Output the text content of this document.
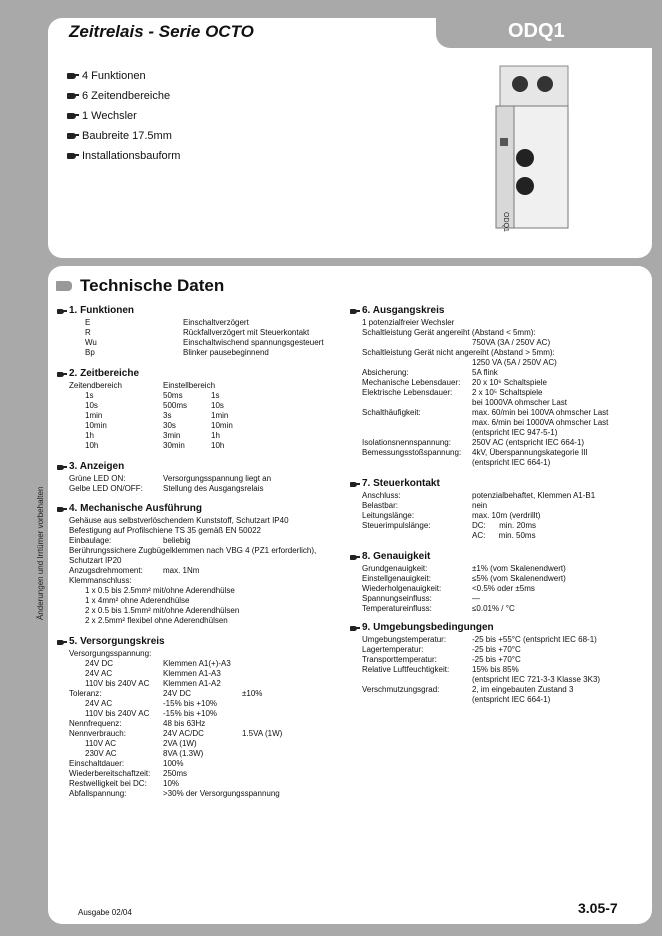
Zeitrelais - Serie OCTO	ODQ1
4 Funktionen
6 Zeitendbereiche
1 Wechsler
Baubreite 17.5mm
Installationsbauform
ODQ1
Änderungen und Irrtümer vorbehalten
Technische Daten
1. Funktionen
E	Einschaltverzögert
R	Rückfallverzögert mit Steuerkontakt
Wu	Einschaltwischend spannungsgesteuert
Bp	Blinker pausebeginnend
2. Zeitbereiche
Zeitendbereich	Einstellbereich
1s	50ms	1s
10s	500ms	10s
1min	3s	1min
10min	30s	10min
1h	3min	1h
10h	30min	10h
3. Anzeigen
Grüne LED ON:	Versorgungsspannung liegt an
Gelbe LED ON/OFF:	Stellung des Ausgangsrelais
4. Mechanische Ausführung
Gehäuse aus selbstverlöschendem Kunststoff, Schutzart IP40
Befestigung auf Profilschiene TS 35 gemäß EN 50022
Einbaulage:	beliebig
Berührungssichere Zugbügelklemmen nach VBG 4 (PZ1 erforderlich),
Schutzart IP20
Anzugsdrehmoment:	max. 1Nm
Klemmanschluss:
1 x 0.5 bis 2.5mm² mit/ohne Aderendhülse
1 x 4mm² ohne Aderendhülse
2 x 0.5 bis 1.5mm² mit/ohne Aderendhülsen
2 x 2.5mm² flexibel ohne Aderendhülsen
5. Versorgungskreis
Versorgungsspannung:
24V DC	Klemmen A1(+)-A3
24V AC	Klemmen A1-A3
110V bis 240V AC	Klemmen A1-A2
Toleranz:	24V DC	±10%
24V AC	-15% bis +10%
110V bis 240V AC	-15% bis +10%
Nennfrequenz:	48 bis 63Hz
Nennverbrauch:	24V AC/DC	1.5VA (1W)
110V AC	2VA (1W)
230V AC	8VA (1.3W)
Einschaltdauer:	100%
Wiederbereitschaftzeit:	250ms
Restwelligkeit bei DC:	10%
Abfallspannung:	>30% der Versorgungsspannung
6. Ausgangskreis
1 potenzialfreier Wechsler
Schaltleistung Gerät angereiht (Abstand < 5mm):
750VA (3A / 250V AC)
Schaltleistung Gerät nicht angereiht (Abstand > 5mm):
1250 VA (5A / 250V AC)
Absicherung:	5A flink
Mechanische Lebensdauer:	20 x 10⁶ Schaltspiele
Elektrische Lebensdauer:	2 x 10⁵ Schaltspiele
bei 1000VA ohmscher Last
Schalthäufigkeit:	max. 60/min bei 100VA ohmscher Last
max. 6/min bei 1000VA ohmscher Last
(entspricht IEC 947-5-1)
Isolationsnennspannung:	250V AC (entspricht IEC 664-1)
Bemessungsstoßspannung:	4kV, Überspannungskategorie III
(entspricht IEC 664-1)
7. Steuerkontakt
Anschluss:	potenzialbehaftet, Klemmen A1-B1
Belastbar:	nein
Leitungslänge:	max. 10m (verdrillt)
Steuerimpulslänge:	DC:      min. 20ms
AC:      min. 50ms
8. Genauigkeit
Grundgenauigkeit:	±1% (vom Skalenendwert)
Einstellgenauigkeit:	≤5% (vom Skalenendwert)
Wiederholgenauigkeit:	<0.5% oder ±5ms
Spannungseinfluss:	—
Temperatureinfluss:	≤0.01% / °C
9. Umgebungsbedingungen
Umgebungstemperatur:	-25 bis +55°C (entspricht IEC 68-1)
Lagertemperatur:	-25 bis +70°C
Transporttemperatur:	-25 bis +70°C
Relative Luftfeuchtigkeit:	15% bis 85%
(entspricht IEC 721-3-3 Klasse 3K3)
Verschmutzungsgrad:	2, im eingebauten Zustand 3
(entspricht IEC 664-1)
Ausgabe 02/04	3.05-7
